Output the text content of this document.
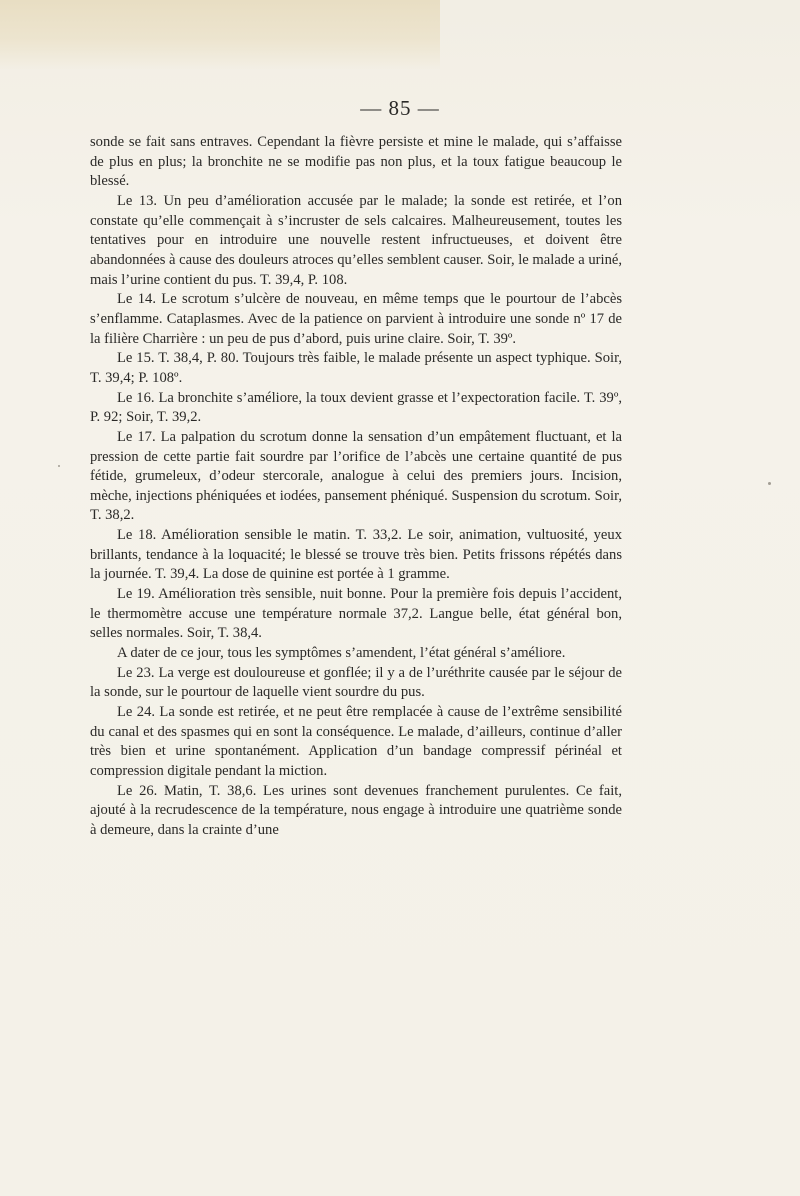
— 85 —

sonde se fait sans entraves. Cependant la fièvre persiste et mine le malade, qui s’affaisse de plus en plus; la bronchite ne se modifie pas non plus, et la toux fatigue beaucoup le blessé.

Le 13. Un peu d’amélioration accusée par le malade; la sonde est retirée, et l’on constate qu’elle commençait à s’incruster de sels calcaires. Malheureusement, toutes les tentatives pour en introduire une nouvelle restent infructueuses, et doivent être abandonnées à cause des douleurs atroces qu’elles semblent causer. Soir, le malade a uriné, mais l’urine contient du pus. T. 39,4, P. 108.

Le 14. Le scrotum s’ulcère de nouveau, en même temps que le pourtour de l’abcès s’enflamme. Cataplasmes. Avec de la patience on parvient à introduire une sonde nº 17 de la filière Charrière : un peu de pus d’abord, puis urine claire. Soir, T. 39º.

Le 15. T. 38,4, P. 80. Toujours très faible, le malade présente un aspect typhique. Soir, T. 39,4; P. 108º.

Le 16. La bronchite s’améliore, la toux devient grasse et l’expectoration facile. T. 39º, P. 92; Soir, T. 39,2.

Le 17. La palpation du scrotum donne la sensation d’un empâtement fluctuant, et la pression de cette partie fait sourdre par l’orifice de l’abcès une certaine quantité de pus fétide, grumeleux, d’odeur stercorale, analogue à celui des premiers jours. Incision, mèche, injections phéniquées et iodées, pansement phéniqué. Suspension du scrotum. Soir, T. 38,2.

Le 18. Amélioration sensible le matin. T. 33,2. Le soir, animation, vultuosité, yeux brillants, tendance à la loquacité; le blessé se trouve très bien. Petits frissons répétés dans la journée. T. 39,4. La dose de quinine est portée à 1 gramme.

Le 19. Amélioration très sensible, nuit bonne. Pour la première fois depuis l’accident, le thermomètre accuse une température normale 37,2. Langue belle, état général bon, selles normales. Soir, T. 38,4.

A dater de ce jour, tous les symptômes s’amendent, l’état général s’améliore.

Le 23. La verge est douloureuse et gonflée; il y a de l’uréthrite causée par le séjour de la sonde, sur le pourtour de laquelle vient sourdre du pus.

Le 24. La sonde est retirée, et ne peut être remplacée à cause de l’extrême sensibilité du canal et des spasmes qui en sont la conséquence. Le malade, d’ailleurs, continue d’aller très bien et urine spontanément. Application d’un bandage compressif périnéal et compression digitale pendant la miction.

Le 26. Matin, T. 38,6. Les urines sont devenues franchement purulentes. Ce fait, ajouté à la recrudescence de la température, nous engage à introduire une quatrième sonde à demeure, dans la crainte d’une
